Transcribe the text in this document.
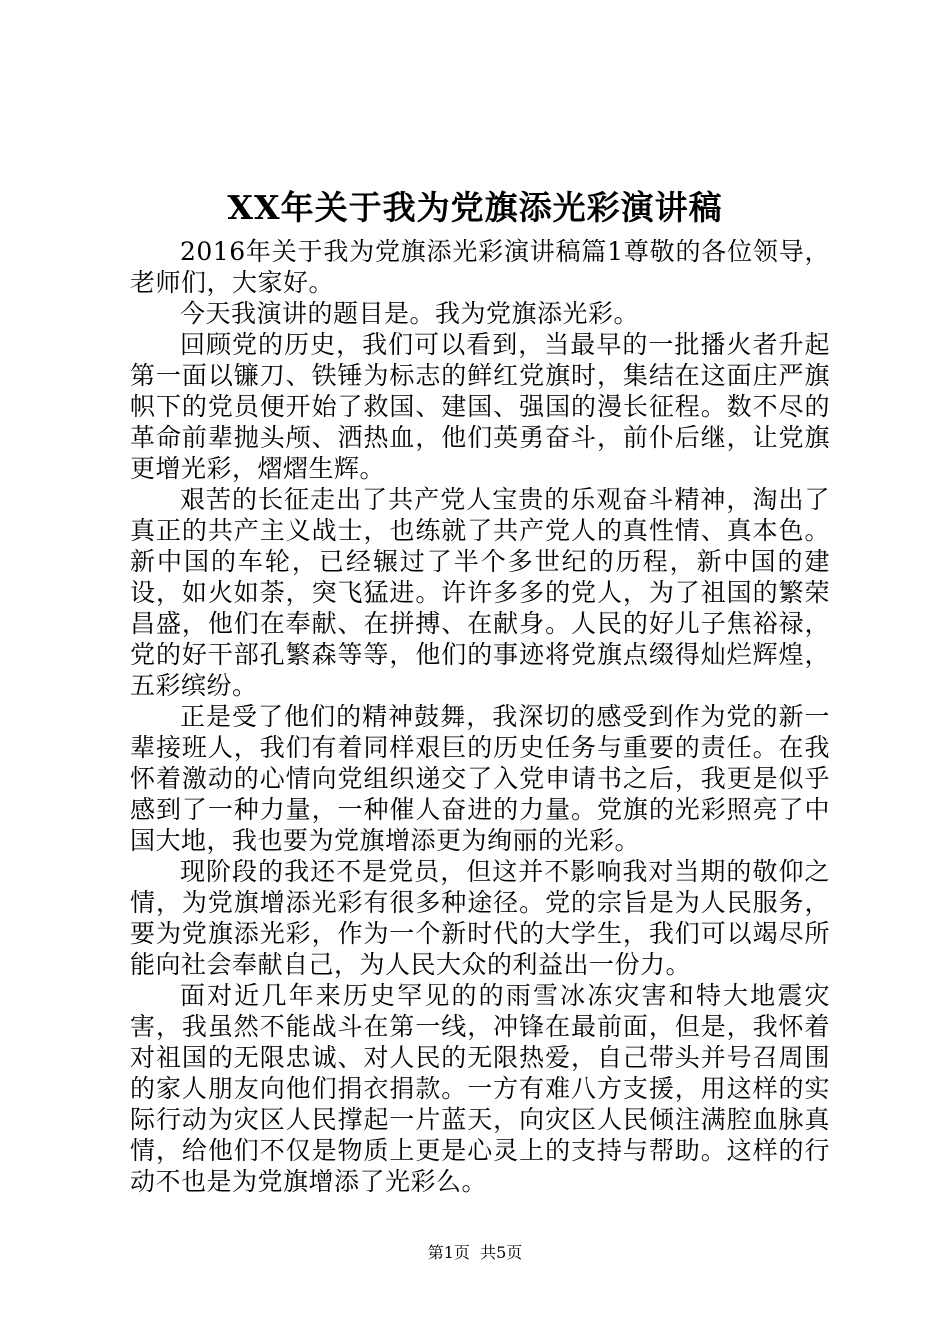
XX年关于我为党旗添光彩演讲稿

2016年关于我为党旗添光彩演讲稿篇1尊敬的各位领导，老师们，大家好。

今天我演讲的题目是。我为党旗添光彩。

回顾党的历史，我们可以看到，当最早的一批播火者升起第一面以镰刀、铁锤为标志的鲜红党旗时，集结在这面庄严旗帜下的党员便开始了救国、建国、强国的漫长征程。数不尽的革命前辈抛头颅、洒热血，他们英勇奋斗，前仆后继，让党旗更增光彩，熠熠生辉。

艰苦的长征走出了共产党人宝贵的乐观奋斗精神，淘出了真正的共产主义战士，也练就了共产党人的真性情、真本色。新中国的车轮，已经辗过了半个多世纪的历程，新中国的建设，如火如荼，突飞猛进。许许多多的党人，为了祖国的繁荣昌盛，他们在奉献、在拼搏、在献身。人民的好儿子焦裕禄，党的好干部孔繁森等等，他们的事迹将党旗点缀得灿烂辉煌，五彩缤纷。

正是受了他们的精神鼓舞，我深切的感受到作为党的新一辈接班人，我们有着同样艰巨的历史任务与重要的责任。在我怀着激动的心情向党组织递交了入党申请书之后，我更是似乎感到了一种力量，一种催人奋进的力量。党旗的光彩照亮了中国大地，我也要为党旗增添更为绚丽的光彩。

现阶段的我还不是党员，但这并不影响我对当期的敬仰之情，为党旗增添光彩有很多种途径。党的宗旨是为人民服务，要为党旗添光彩，作为一个新时代的大学生，我们可以竭尽所能向社会奉献自己，为人民大众的利益出一份力。

面对近几年来历史罕见的的雨雪冰冻灾害和特大地震灾害，我虽然不能战斗在第一线，冲锋在最前面，但是，我怀着对祖国的无限忠诚、对人民的无限热爱，自己带头并号召周围的家人朋友向他们捐衣捐款。一方有难八方支援，用这样的实际行动为灾区人民撑起一片蓝天，向灾区人民倾注满腔血脉真情，给他们不仅是物质上更是心灵上的支持与帮助。这样的行动不也是为党旗增添了光彩么。

第1页 共5页
